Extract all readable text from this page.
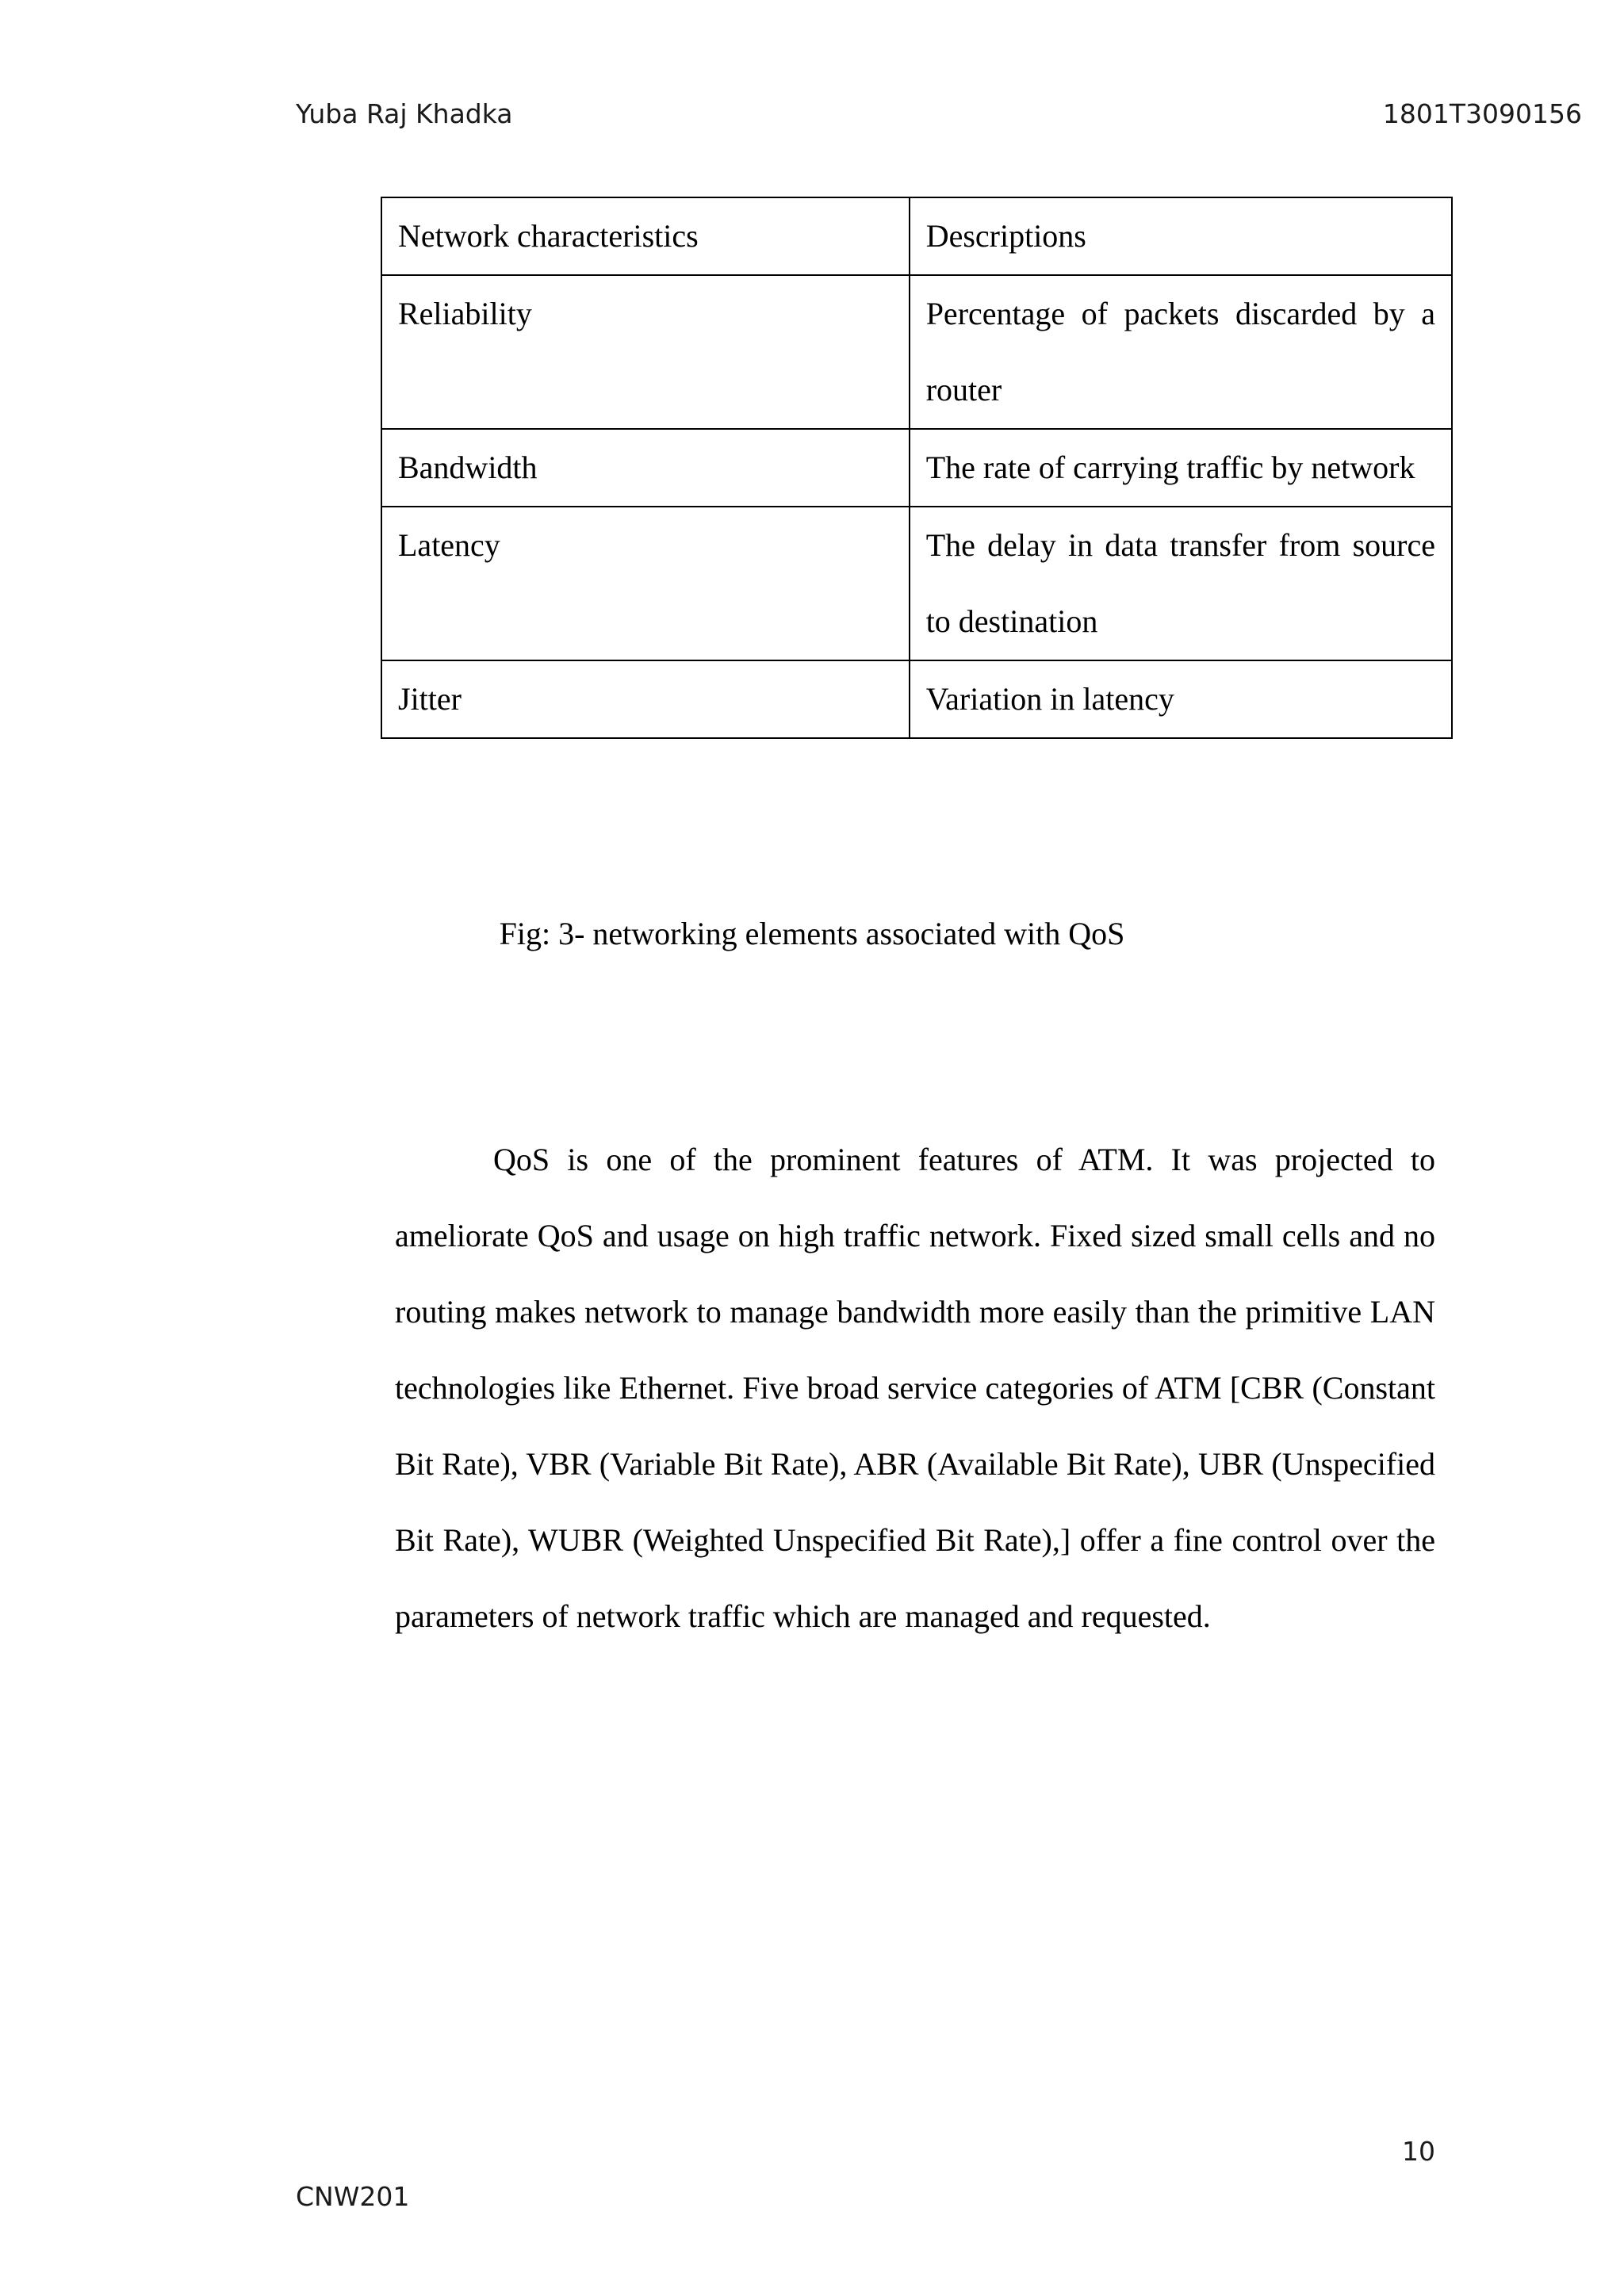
Yuba Raj Khadka	1801T3090156
Network characteristics	Descriptions
Reliability	Percentage of packets discarded by a router
Bandwidth	The rate of carrying traffic by network
Latency	The delay in data transfer from source to destination
Jitter	Variation in latency
Fig: 3- networking elements associated with QoS

QoS is one of the prominent features of ATM. It was projected to ameliorate QoS and usage on high traffic network. Fixed sized small cells and no routing makes network to manage bandwidth more easily than the primitive LAN technologies like Ethernet. Five broad service categories of ATM [CBR (Constant Bit Rate), VBR (Variable Bit Rate), ABR (Available Bit Rate), UBR (Unspecified Bit Rate), WUBR (Weighted Unspecified Bit Rate),] offer a fine control over the parameters of network traffic which are managed and requested.

10
CNW201
